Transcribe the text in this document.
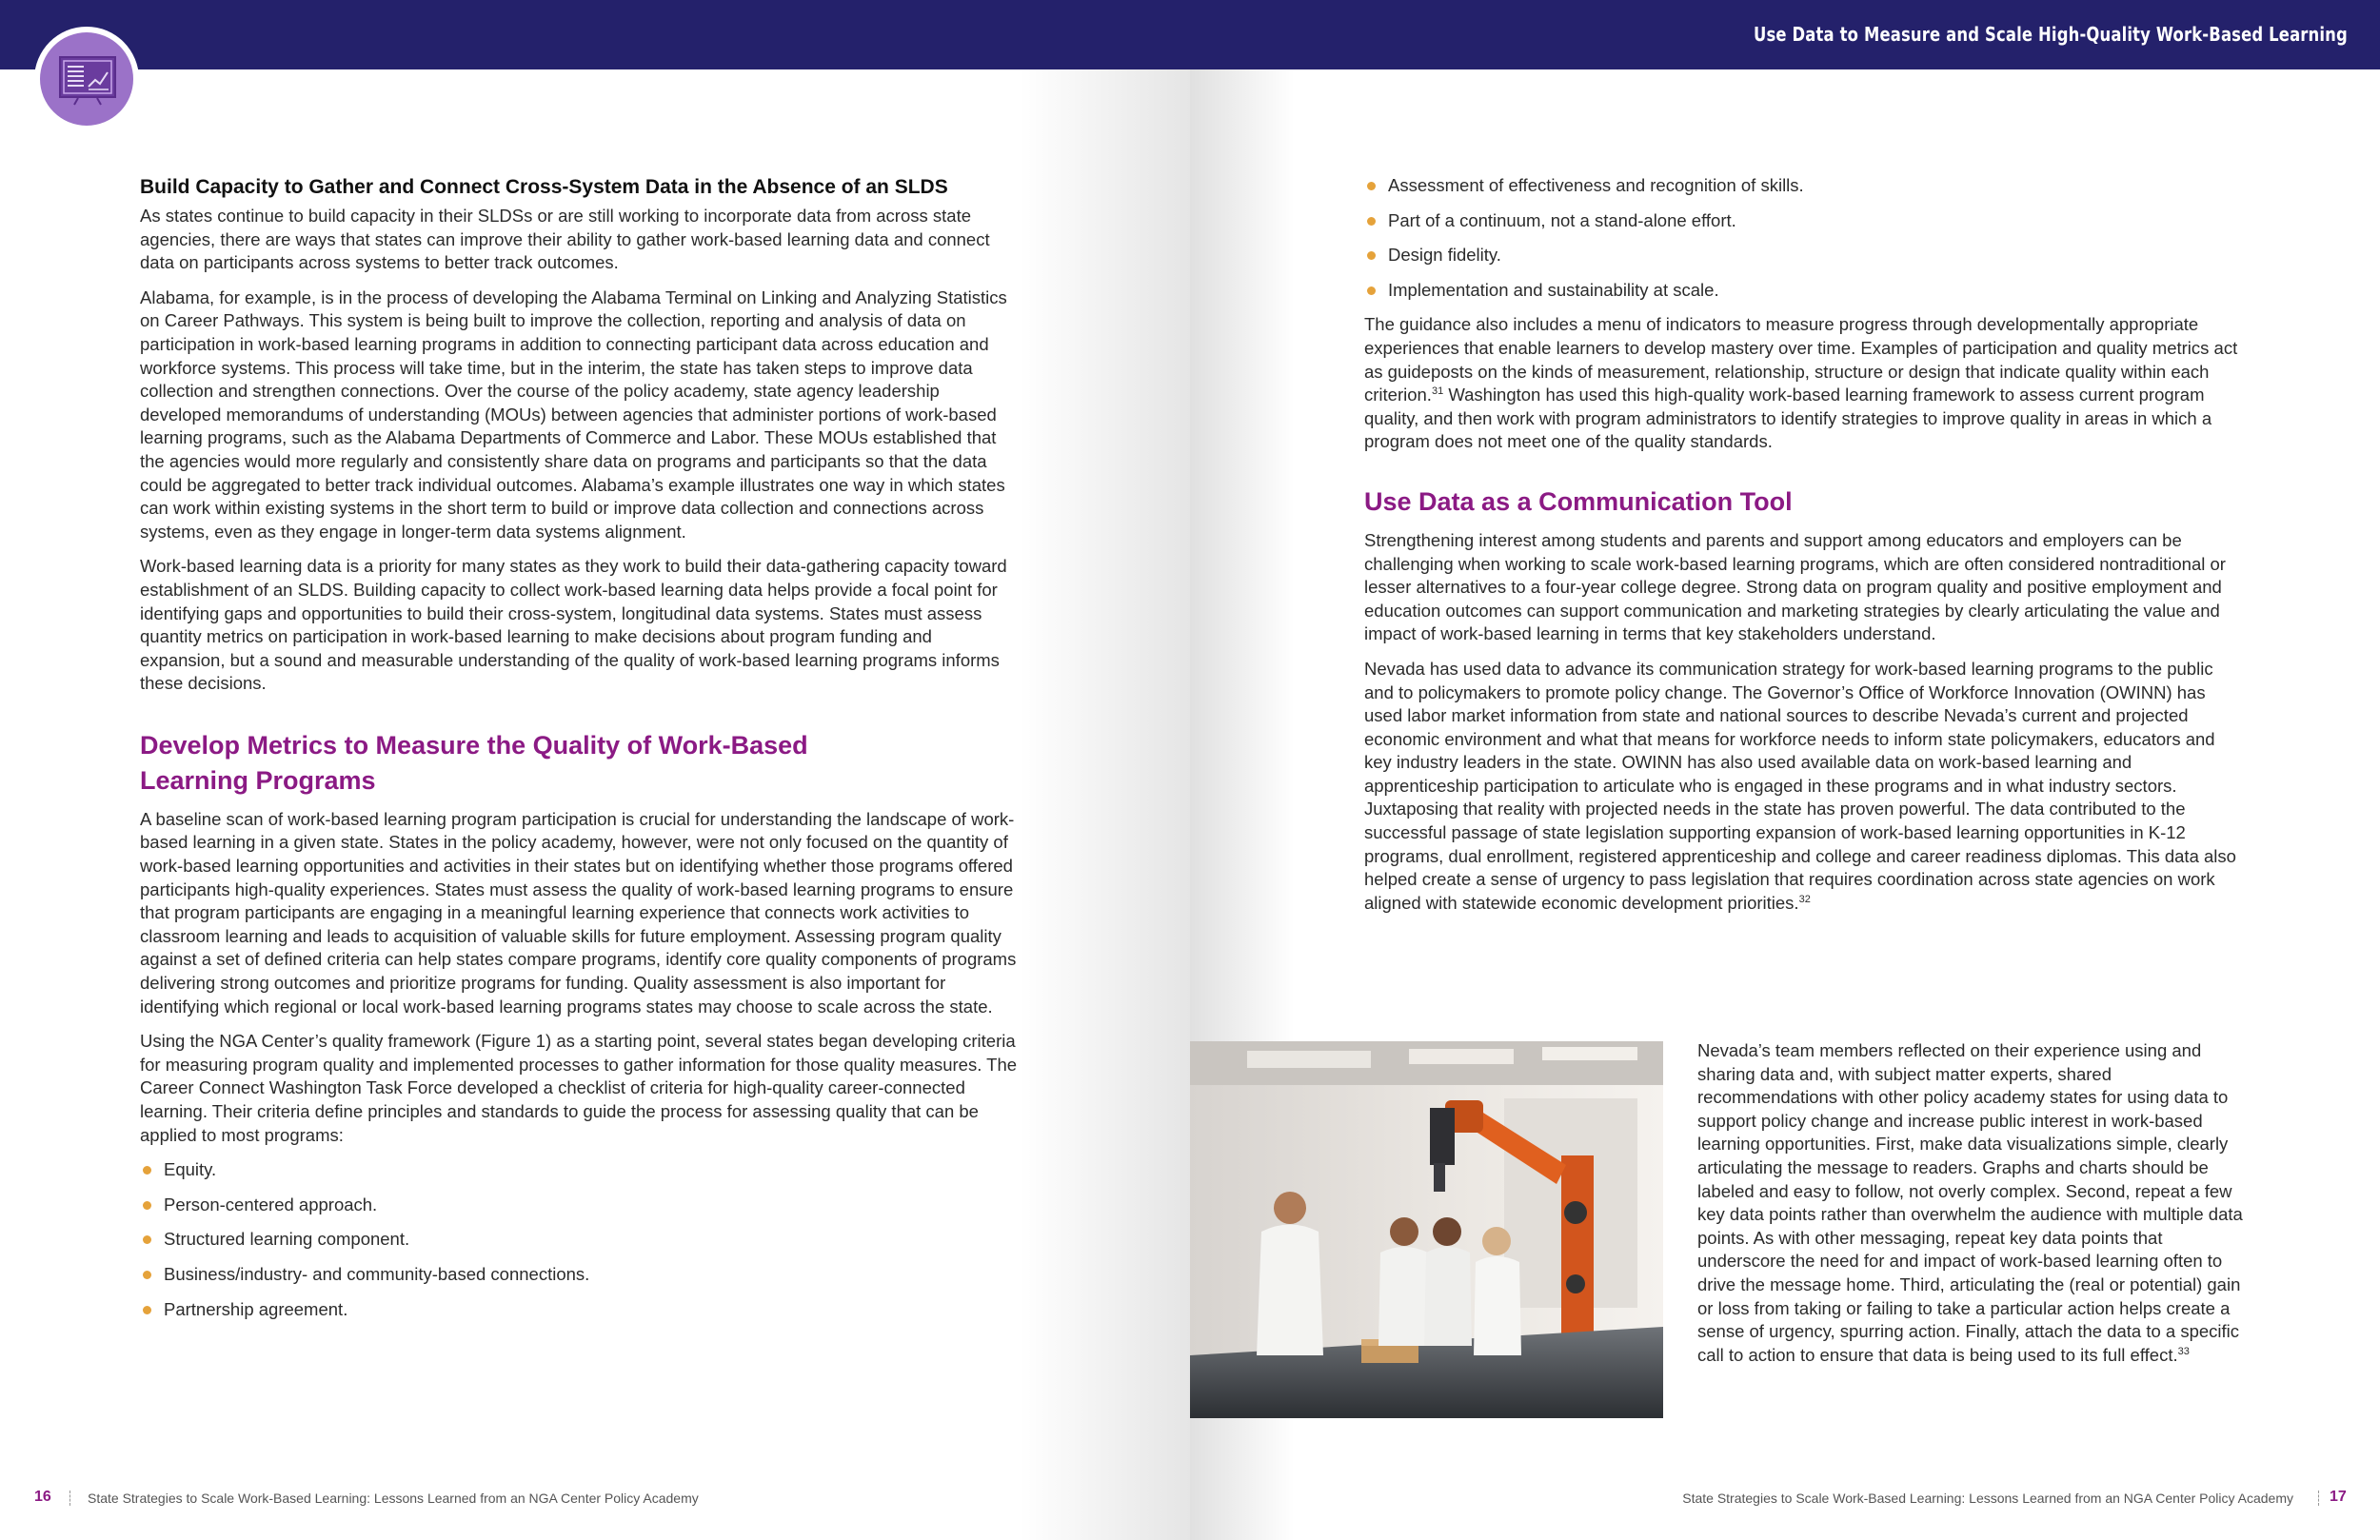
Use Data to Measure and Scale High-Quality Work-Based Learning
Build Capacity to Gather and Connect Cross-System Data in the Absence of an SLDS

As states continue to build capacity in their SLDSs or are still working to incorporate data from across state agencies, there are ways that states can improve their ability to gather work-based learning data and connect data on participants across systems to better track outcomes.

Alabama, for example, is in the process of developing the Alabama Terminal on Linking and Analyzing Statistics on Career Pathways. This system is being built to improve the collection, reporting and analysis of data on participation in work-based learning programs in addition to connecting participant data across education and workforce systems. This process will take time, but in the interim, the state has taken steps to improve data collection and strengthen connections. Over the course of the policy academy, state agency leadership developed memorandums of understanding (MOUs) between agencies that administer portions of work-based learning programs, such as the Alabama Departments of Commerce and Labor. These MOUs established that the agencies would more regularly and consistently share data on programs and participants so that the data could be aggregated to better track individual outcomes. Alabama’s example illustrates one way in which states can work within existing systems in the short term to build or improve data collection and connections across systems, even as they engage in longer-term data systems alignment.

Work-based learning data is a priority for many states as they work to build their data-gathering capacity toward establishment of an SLDS. Building capacity to collect work-based learning data helps provide a focal point for identifying gaps and opportunities to build their cross-system, longitudinal data systems. States must assess quantity metrics on participation in work-based learning to make decisions about program funding and expansion, but a sound and measurable understanding of the quality of work-based learning programs informs these decisions.

Develop Metrics to Measure the Quality of Work-Based Learning Programs

A baseline scan of work-based learning program participation is crucial for understanding the landscape of work-based learning in a given state. States in the policy academy, however, were not only focused on the quantity of work-based learning opportunities and activities in their states but on identifying whether those programs offered participants high-quality experiences. States must assess the quality of work-based learning programs to ensure that program participants are engaging in a meaningful learning experience that connects work activities to classroom learning and leads to acquisition of valuable skills for future employment. Assessing program quality against a set of defined criteria can help states compare programs, identify core quality components of programs delivering strong outcomes and prioritize programs for funding. Quality assessment is also important for identifying which regional or local work-based learning programs states may choose to scale across the state.

Using the NGA Center’s quality framework (Figure 1) as a starting point, several states began developing criteria for measuring program quality and implemented processes to gather information for those quality measures. The Career Connect Washington Task Force developed a checklist of criteria for high-quality career-connected learning. Their criteria define principles and standards to guide the process for assessing quality that can be applied to most programs:

Equity.
Person-centered approach.
Structured learning component.
Business/industry- and community-based connections.
Partnership agreement.
Assessment of effectiveness and recognition of skills.
Part of a continuum, not a stand-alone effort.
Design fidelity.
Implementation and sustainability at scale.

The guidance also includes a menu of indicators to measure progress through developmentally appropriate experiences that enable learners to develop mastery over time. Examples of participation and quality metrics act as guideposts on the kinds of measurement, relationship, structure or design that indicate quality within each criterion.$^{31}$ Washington has used this high-quality work-based learning framework to assess current program quality, and then work with program administrators to identify strategies to improve quality in areas in which a program does not meet one of the quality standards.

Use Data as a Communication Tool

Strengthening interest among students and parents and support among educators and employers can be challenging when working to scale work-based learning programs, which are often considered nontraditional or lesser alternatives to a four-year college degree. Strong data on program quality and positive employment and education outcomes can support communication and marketing strategies by clearly articulating the value and impact of work-based learning in terms that key stakeholders understand.

Nevada has used data to advance its communication strategy for work-based learning programs to the public and to policymakers to promote policy change. The Governor’s Office of Workforce Innovation (OWINN) has used labor market information from state and national sources to describe Nevada’s current and projected economic environment and what that means for workforce needs to inform state policymakers, educators and key industry leaders in the state. OWINN has also used available data on work-based learning and apprenticeship participation to articulate who is engaged in these programs and in what industry sectors. Juxtaposing that reality with projected needs in the state has proven powerful. The data contributed to the successful passage of state legislation supporting expansion of work-based learning opportunities in K-12 programs, dual enrollment, registered apprenticeship and college and career readiness diplomas. This data also helped create a sense of urgency to pass legislation that requires coordination across state agencies on work aligned with statewide economic development priorities.$^{32}$

Nevada’s team members reflected on their experience using and sharing data and, with subject matter experts, shared recommendations with other policy academy states for using data to support policy change and increase public interest in work-based learning opportunities. First, make data visualizations simple, clearly articulating the message to readers. Graphs and charts should be labeled and easy to follow, not overly complex. Second, repeat a few key data points rather than overwhelm the audience with multiple data points. As with other messaging, repeat key data points that underscore the need for and impact of work-based learning often to drive the message home. Third, articulating the (real or potential) gain or loss from taking or failing to take a particular action helps create a sense of urgency, spurring action. Finally, attach the data to a specific call to action to ensure that data is being used to its full effect.$^{33}$

16	State Strategies to Scale Work-Based Learning: Lessons Learned from an NGA Center Policy Academy	State Strategies to Scale Work-Based Learning: Lessons Learned from an NGA Center Policy Academy 17
